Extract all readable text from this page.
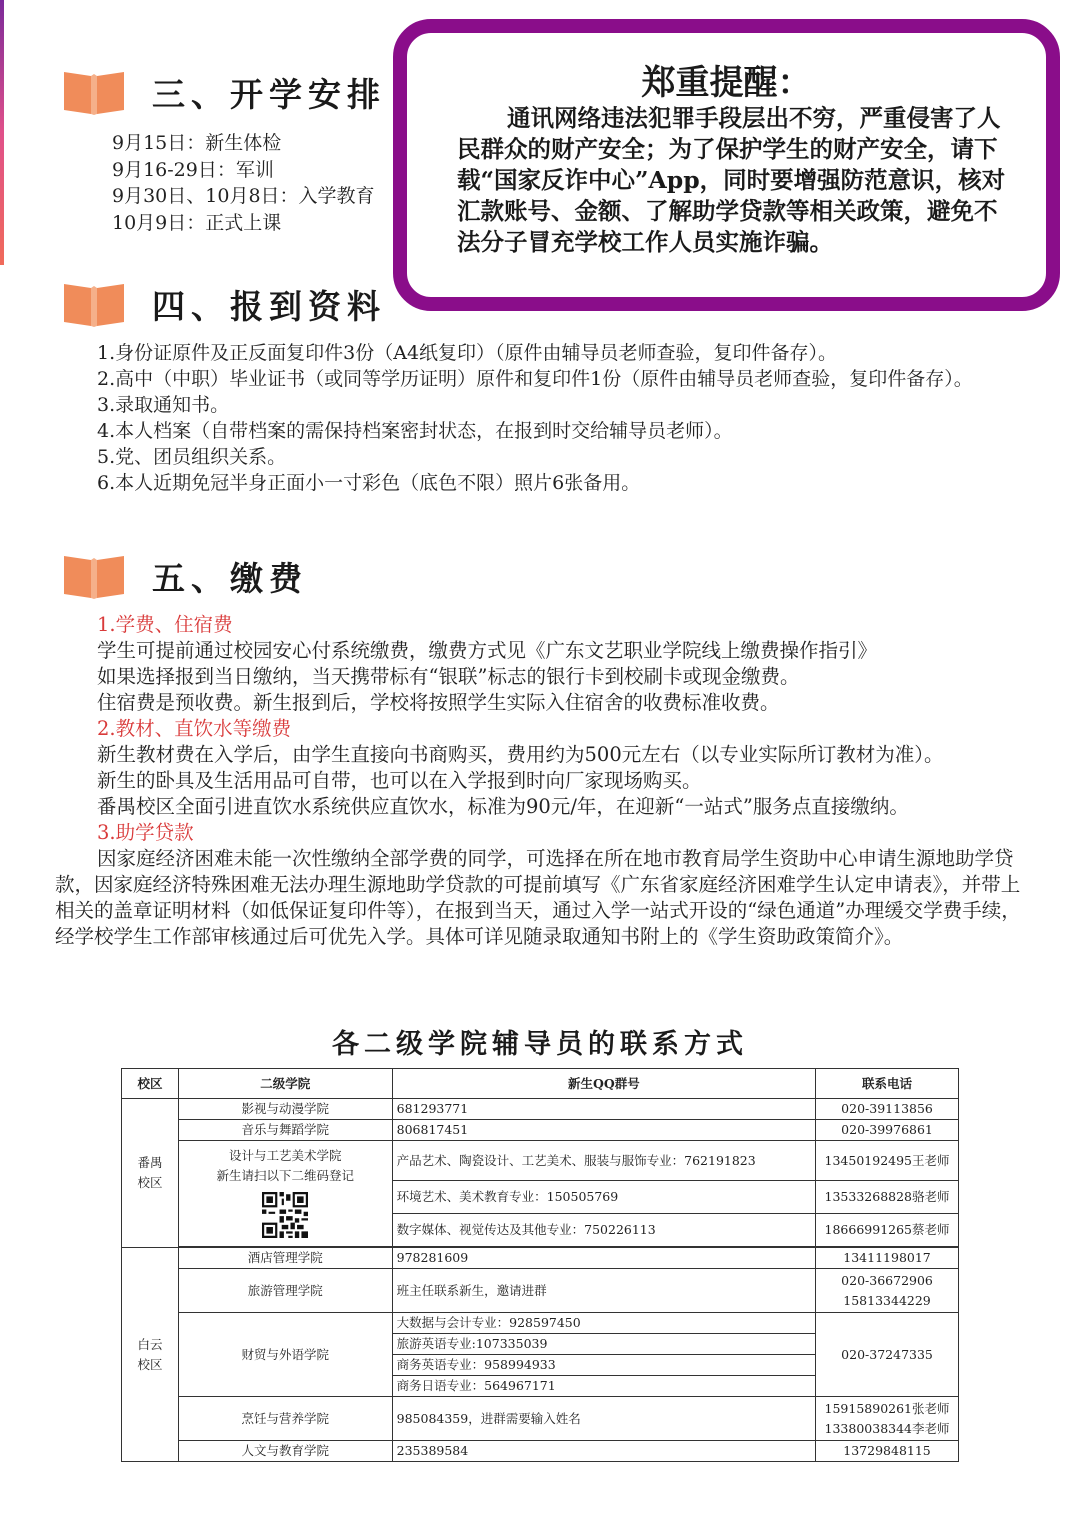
三、开学安排
9月15日：新生体检
9月16-29日：军训
9月30日、10月8日：入学教育
10月9日：正式上课
郑重提醒：
通讯网络违法犯罪手段层出不穷，严重侵害了人民群众的财产安全；为了保护学生的财产安全，请下载“国家反诈中心”App，同时要增强防范意识，核对汇款账号、金额、了解助学贷款等相关政策，避免不法分子冒充学校工作人员实施诈骗。
四、报到资料
1.身份证原件及正反面复印件3份（A4纸复印）（原件由辅导员老师查验，复印件备存）。
2.高中（中职）毕业证书（或同等学历证明）原件和复印件1份（原件由辅导员老师查验，复印件备存）。
3.录取通知书。
4.本人档案（自带档案的需保持档案密封状态，在报到时交给辅导员老师）。
5.党、团员组织关系。
6.本人近期免冠半身正面小一寸彩色（底色不限）照片6张备用。
五、缴费
1.学费、住宿费
学生可提前通过校园安心付系统缴费，缴费方式见《广东文艺职业学院线上缴费操作指引》
如果选择报到当日缴纳，当天携带标有“银联”标志的银行卡到校刷卡或现金缴费。
住宿费是预收费。新生报到后，学校将按照学生实际入住宿舍的收费标准收费。
2.教材、直饮水等缴费
新生教材费在入学后，由学生直接向书商购买，费用约为500元左右（以专业实际所订教材为准）。
新生的卧具及生活用品可自带，也可以在入学报到时向厂家现场购买。
番禺校区全面引进直饮水系统供应直饮水，标准为90元/年，在迎新“一站式”服务点直接缴纳。
3.助学贷款
因家庭经济困难未能一次性缴纳全部学费的同学，可选择在所在地市教育局学生资助中心申请生源地助学贷款，因家庭经济特殊困难无法办理生源地助学贷款的可提前填写《广东省家庭经济困难学生认定申请表》，并带上相关的盖章证明材料（如低保证复印件等），在报到当天，通过入学一站式开设的“绿色通道”办理缓交学费手续，经学校学生工作部审核通过后可优先入学。具体可详见随录取通知书附上的《学生资助政策简介》。
各二级学院辅导员的联系方式
校区	二级学院	新生QQ群号	联系电话
番禺
校区	影视与动漫学院	681293771	020-39113856
	音乐与舞蹈学院	806817451	020-39976861

	设计与工艺美术学院
新生请扫以下二维码登记	产品艺术、陶瓷设计、工艺美术、服装与服饰专业：762191823	13450192495王老师
		环境艺术、美术教育专业：150505769	13533268828骆老师
		数字媒体、视觉传达及其他专业：750226113	18666991265蔡老师

白云
校区	酒店管理学院	978281609	13411198017
	旅游管理学院	班主任联系新生，邀请进群	020-36672906
15813344229

	财贸与外语学院	大数据与会计专业：928597450	020-37247335
		旅游英语专业:107335039	
		商务英语专业：958994933	
		商务日语专业：564967171	
	烹饪与营养学院	985084359，进群需要输入姓名	15915890261张老师
13380038344李老师

	人文与教育学院	235389584	13729848115
